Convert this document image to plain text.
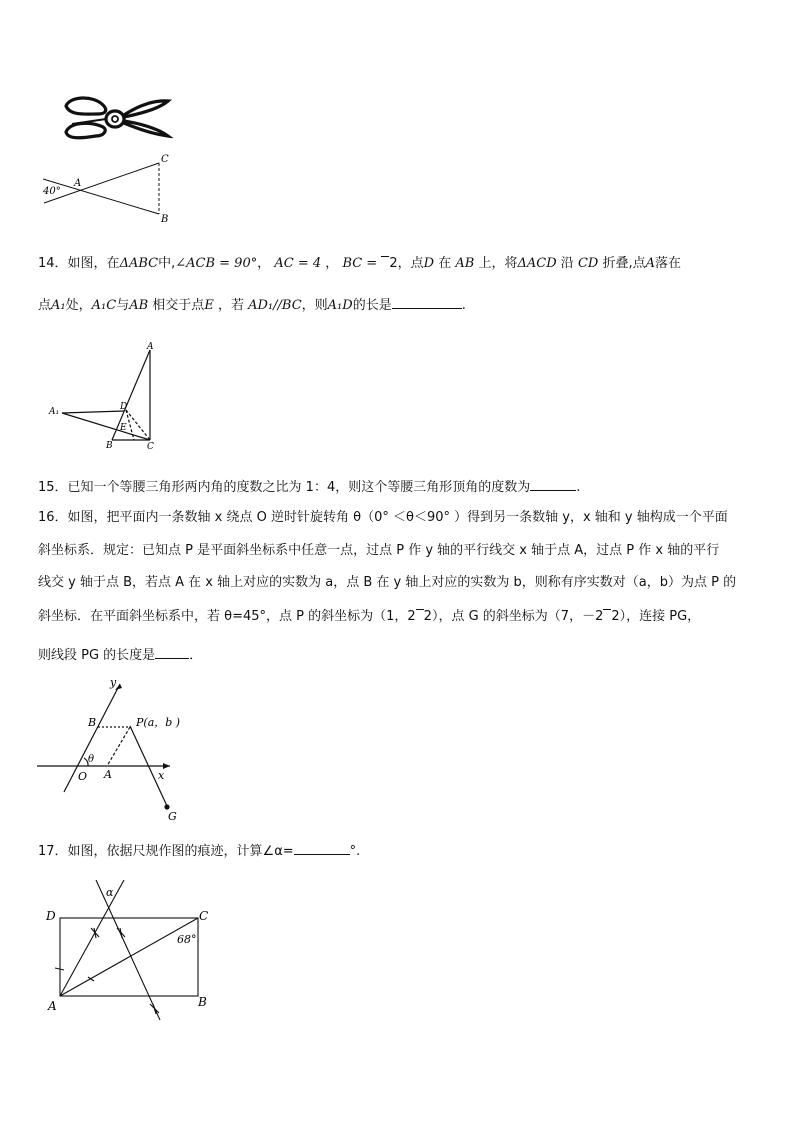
40°
A
C
B
14．如图，在ΔABC中,∠ACB = 90°， AC = 4 ， BC = 2，点D 在 AB 上，将ΔACD 沿 CD 折叠,点A落在
点A₁处，A₁C与AB 相交于点E ，若 AD₁//BC，则A₁D的长是	.
A
A₁	D
E
B	C
15．已知一个等腰三角形两内角的度数之比为 1：4，则这个等腰三角形顶角的度数为	.
16．如图，把平面内一条数轴 x 绕点 O 逆时针旋转角 θ（0° ＜θ＜90° ）得到另一条数轴 y，x 轴和 y 轴构成一个平面
斜坐标系．规定：已知点 P 是平面斜坐标系中任意一点，过点 P 作 y 轴的平行线交 x 轴于点 A，过点 P 作 x 轴的平行
线交 y 轴于点 B，若点 A 在 x 轴上对应的实数为 a，点 B 在 y 轴上对应的实数为 b，则称有序实数对（a，b）为点 P 的
斜坐标．在平面斜坐标系中，若 θ=45°，点 P 的斜坐标为（1，2 2），点 G 的斜坐标为（7，－2 2），连接 PG，
则线段 PG 的长度是	．
y
x
B	P(a，b )
θ
O A
G
17．如图，依据尺规作图的痕迹，计算∠α=	°.
α
D	C
68°
A	B
